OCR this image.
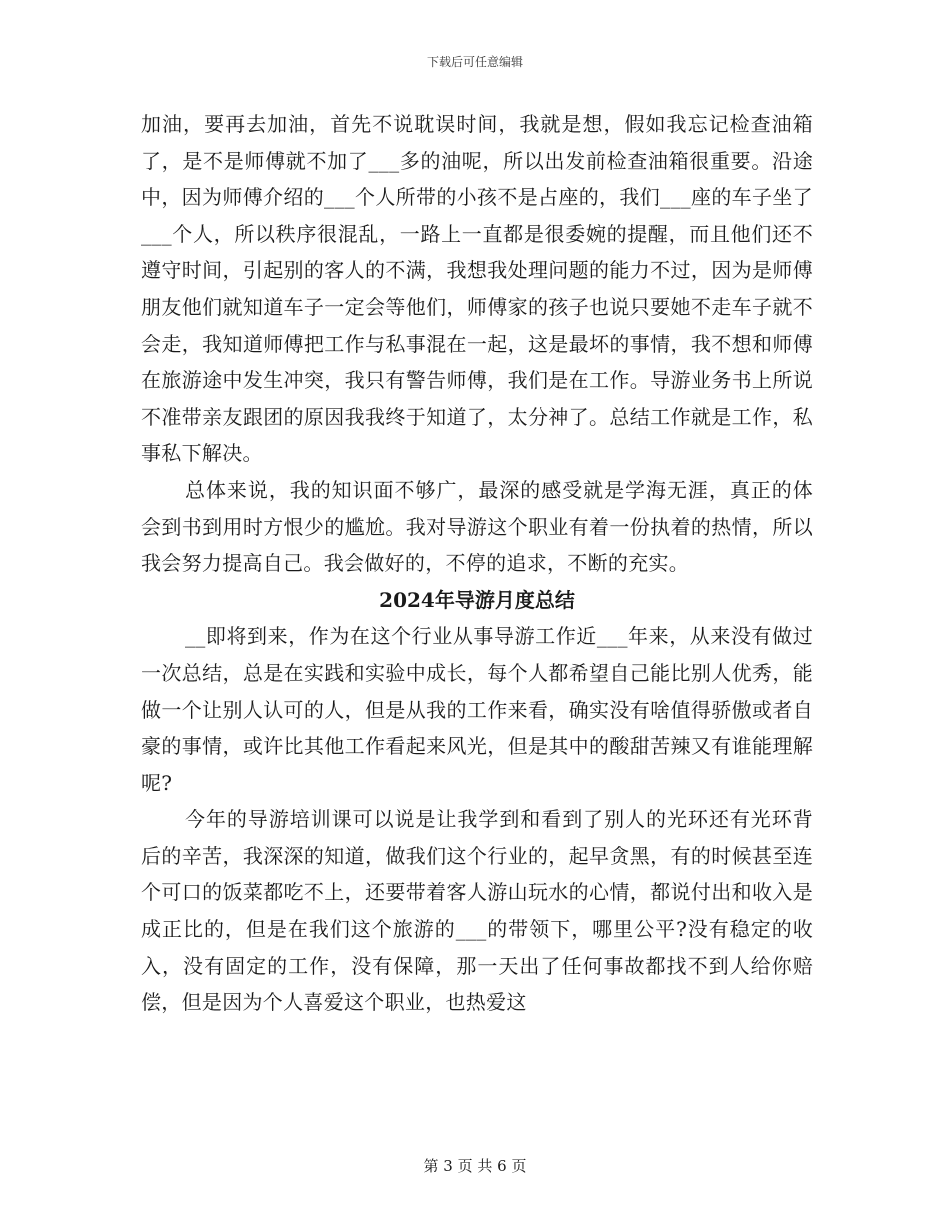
下载后可任意编辑

加油，要再去加油，首先不说耽误时间，我就是想，假如我忘记检查油箱了，是不是师傅就不加了___多的油呢，所以出发前检查油箱很重要。沿途中，因为师傅介绍的___个人所带的小孩不是占座的，我们___座的车子坐了___个人，所以秩序很混乱，一路上一直都是很委婉的提醒，而且他们还不遵守时间，引起别的客人的不满，我想我处理问题的能力不过，因为是师傅朋友他们就知道车子一定会等他们，师傅家的孩子也说只要她不走车子就不会走，我知道师傅把工作与私事混在一起，这是最坏的事情，我不想和师傅在旅游途中发生冲突，我只有警告师傅，我们是在工作。导游业务书上所说不准带亲友跟团的原因我我终于知道了，太分神了。总结工作就是工作，私事私下解决。

总体来说，我的知识面不够广，最深的感受就是学海无涯，真正的体会到书到用时方恨少的尴尬。我对导游这个职业有着一份执着的热情，所以我会努力提高自己。我会做好的，不停的追求，不断的充实。

2024年导游月度总结

__即将到来，作为在这个行业从事导游工作近___年来，从来没有做过一次总结，总是在实践和实验中成长，每个人都希望自己能比别人优秀，能做一个让别人认可的人，但是从我的工作来看，确实没有啥值得骄傲或者自豪的事情，或许比其他工作看起来风光，但是其中的酸甜苦辣又有谁能理解呢?

今年的导游培训课可以说是让我学到和看到了别人的光环还有光环背后的辛苦，我深深的知道，做我们这个行业的，起早贪黑，有的时候甚至连个可口的饭菜都吃不上，还要带着客人游山玩水的心情，都说付出和收入是成正比的，但是在我们这个旅游的___的带领下，哪里公平?没有稳定的收入，没有固定的工作，没有保障，那一天出了任何事故都找不到人给你赔偿，但是因为个人喜爱这个职业，也热爱这

第 3 页 共 6 页
